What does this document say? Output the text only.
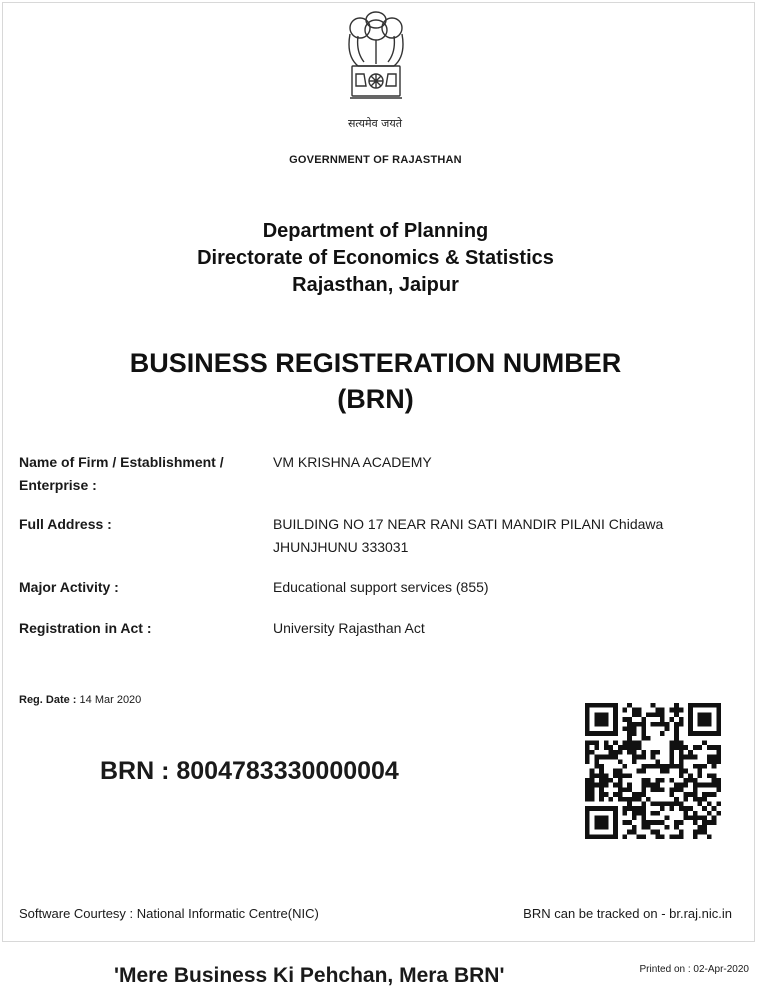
सत्यमेव जयते
GOVERNMENT OF RAJASTHAN
Department of Planning
Directorate of Economics & Statistics
Rajasthan, Jaipur
BUSINESS REGISTERATION NUMBER
(BRN)
Name of Firm / Establishment / Enterprise :
VM KRISHNA ACADEMY
Full Address :	BUILDING NO 17 NEAR RANI SATI MANDIR PILANI Chidawa JHUNJHUNU 333031
Major Activity :	Educational support services (855)
Registration in Act :	University Rajasthan Act
Reg. Date : 14 Mar 2020
BRN : 8004783330000004
Software Courtesy : National Informatic Centre(NIC)	BRN can be tracked on - br.raj.nic.in
'Mere Business Ki Pehchan, Mera BRN'	Printed on : 02-Apr-2020
